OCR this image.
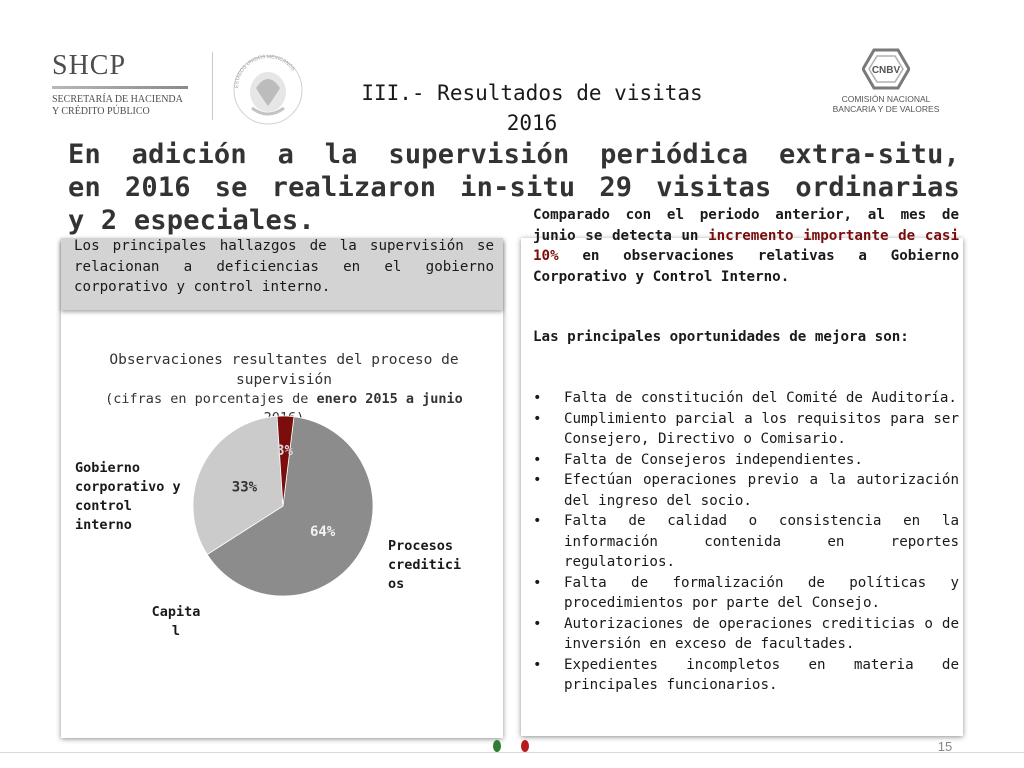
SHCP
SECRETARÍA DE HACIENDA
Y CRÉDITO PÚBLICO
ESTADOS UNIDOS MEXICANOS	CNBV
COMISIÓN NACIONAL
BANCARIA Y DE VALORES
III.- Resultados de visitas
2016
En adición a la supervisión periódica extra-situ,
en 2016 se realizaron in-situ 29 visitas ordinarias
y 2 especiales.
Los principales hallazgos de la supervisión se relacionan a deficiencias en el gobierno corporativo y control interno.
Observaciones resultantes del proceso de supervisión
(cifras en porcentajes de enero 2015 a junio

64%
33%
3%
Gobierno corporativo y control interno
Procesos creditici os
Capita l
Comparado con el periodo anterior, al mes de junio se detecta un incremento importante de casi 10% en observaciones relativas a Gobierno Corporativo y Control Interno.
Las principales oportunidades de mejora son:
• Falta de constitución del Comité de Auditoría.
• Cumplimiento parcial a los requisitos para ser Consejero, Directivo o Comisario.
• Falta de Consejeros independientes.
• Efectúan operaciones previo a la autorización del ingreso del socio.
• Falta de calidad o consistencia en la información contenida en reportes regulatorios.
• Falta de formalización de políticas y procedimientos por parte del Consejo.
• Autorizaciones de operaciones crediticias o de inversión en exceso de facultades.
• Expedientes incompletos en materia de principales funcionarios.
15
